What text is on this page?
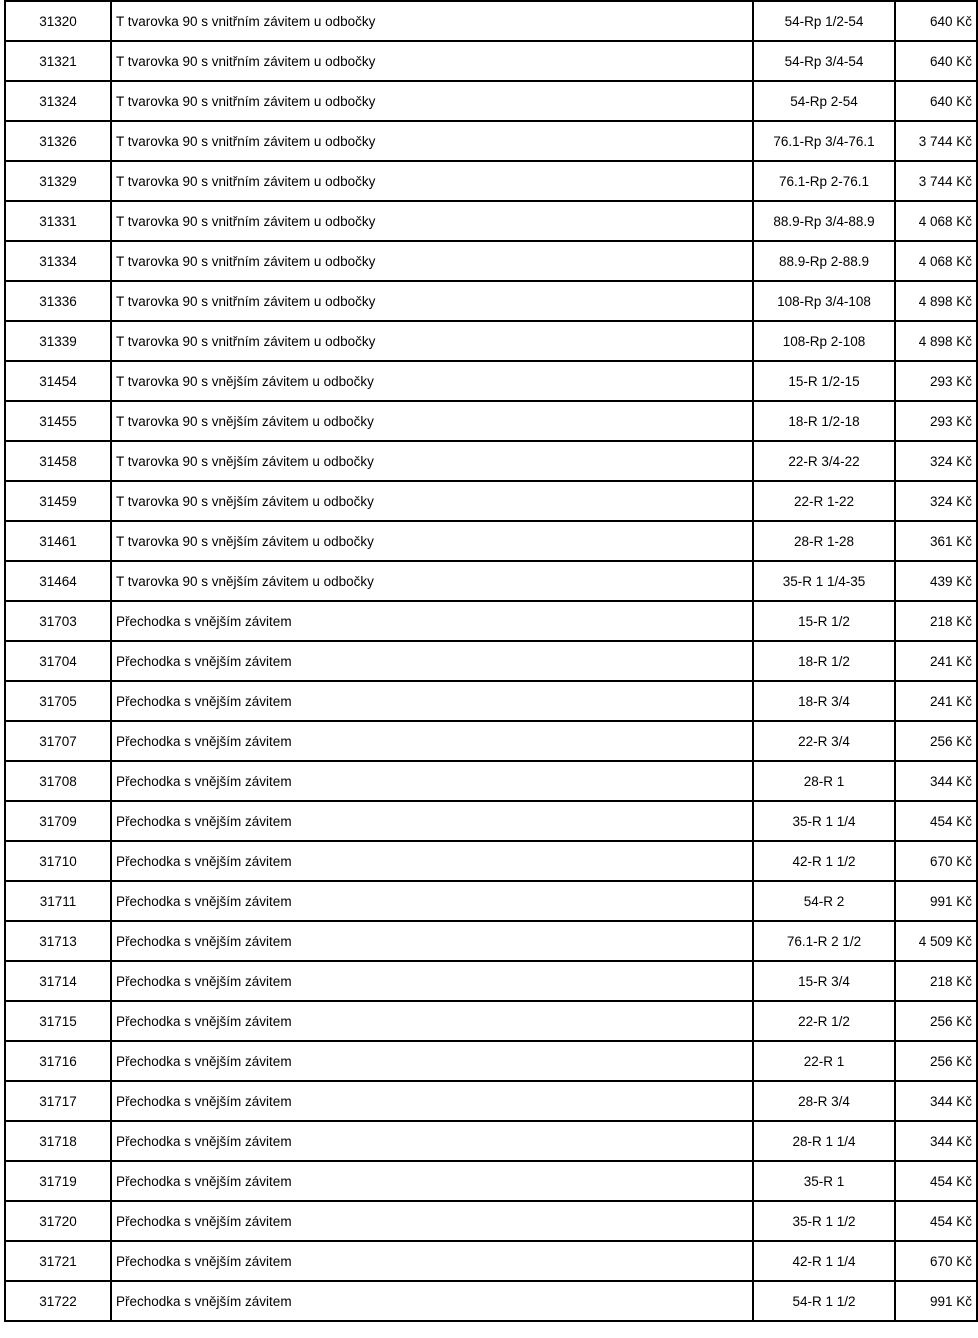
31320	T tvarovka 90 s vnitřním závitem u odbočky	54-Rp 1/2-54	640 Kč
31321	T tvarovka 90 s vnitřním závitem u odbočky	54-Rp 3/4-54	640 Kč
31324	T tvarovka 90 s vnitřním závitem u odbočky	54-Rp 2-54	640 Kč
31326	T tvarovka 90 s vnitřním závitem u odbočky	76.1-Rp 3/4-76.1	3 744 Kč
31329	T tvarovka 90 s vnitřním závitem u odbočky	76.1-Rp 2-76.1	3 744 Kč
31331	T tvarovka 90 s vnitřním závitem u odbočky	88.9-Rp 3/4-88.9	4 068 Kč
31334	T tvarovka 90 s vnitřním závitem u odbočky	88.9-Rp 2-88.9	4 068 Kč
31336	T tvarovka 90 s vnitřním závitem u odbočky	108-Rp 3/4-108	4 898 Kč
31339	T tvarovka 90 s vnitřním závitem u odbočky	108-Rp 2-108	4 898 Kč
31454	T tvarovka 90 s vnějším závitem u odbočky	15-R 1/2-15	293 Kč
31455	T tvarovka 90 s vnějším závitem u odbočky	18-R 1/2-18	293 Kč
31458	T tvarovka 90 s vnějším závitem u odbočky	22-R 3/4-22	324 Kč
31459	T tvarovka 90 s vnějším závitem u odbočky	22-R 1-22	324 Kč
31461	T tvarovka 90 s vnějším závitem u odbočky	28-R 1-28	361 Kč
31464	T tvarovka 90 s vnějším závitem u odbočky	35-R 1 1/4-35	439 Kč
31703	Přechodka s vnějším závitem	15-R 1/2	218 Kč
31704	Přechodka s vnějším závitem	18-R 1/2	241 Kč
31705	Přechodka s vnějším závitem	18-R 3/4	241 Kč
31707	Přechodka s vnějším závitem	22-R 3/4	256 Kč
31708	Přechodka s vnějším závitem	28-R 1	344 Kč
31709	Přechodka s vnějším závitem	35-R 1 1/4	454 Kč
31710	Přechodka s vnějším závitem	42-R 1 1/2	670 Kč
31711	Přechodka s vnějším závitem	54-R 2	991 Kč
31713	Přechodka s vnějším závitem	76.1-R 2 1/2	4 509 Kč
31714	Přechodka s vnějším závitem	15-R 3/4	218 Kč
31715	Přechodka s vnějším závitem	22-R 1/2	256 Kč
31716	Přechodka s vnějším závitem	22-R 1	256 Kč
31717	Přechodka s vnějším závitem	28-R 3/4	344 Kč
31718	Přechodka s vnějším závitem	28-R 1 1/4	344 Kč
31719	Přechodka s vnějším závitem	35-R 1	454 Kč
31720	Přechodka s vnějším závitem	35-R 1 1/2	454 Kč
31721	Přechodka s vnějším závitem	42-R 1 1/4	670 Kč
31722	Přechodka s vnějším závitem	54-R 1 1/2	991 Kč
